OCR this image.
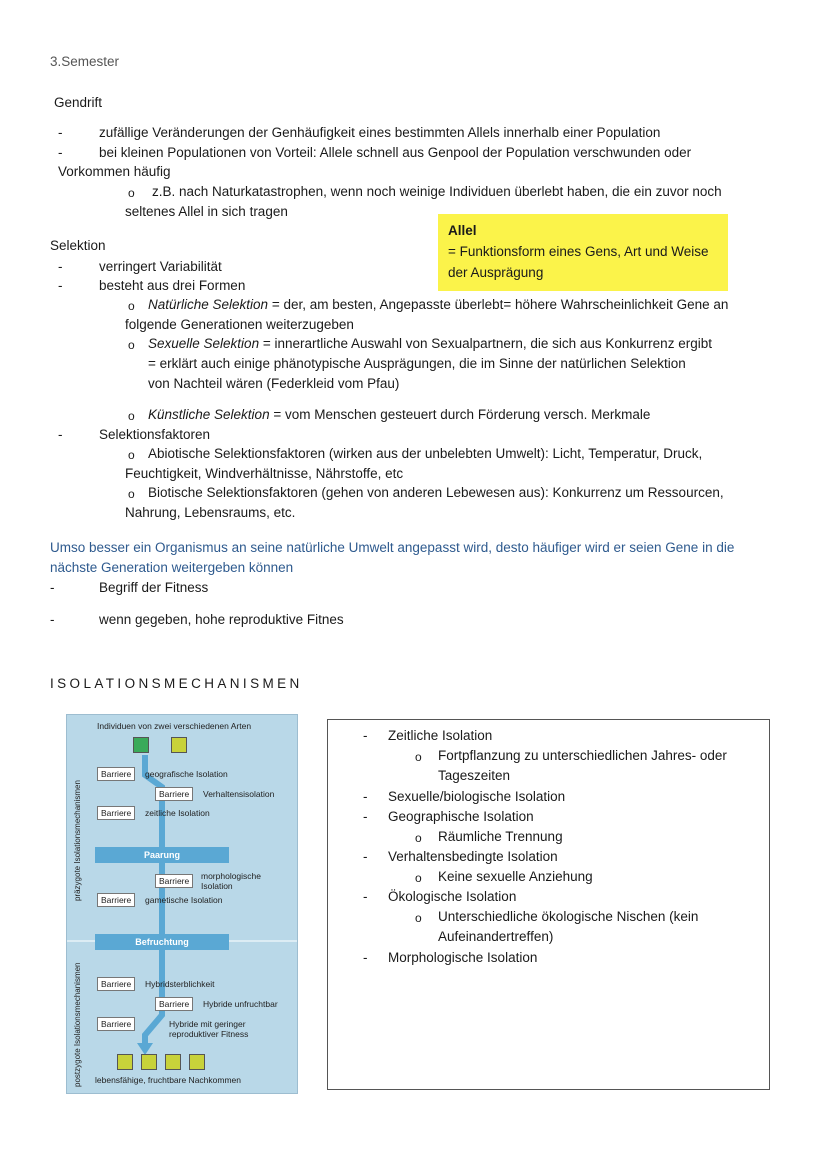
3.Semester
Gendrift
-	zufällige Veränderungen der Genhäufigkeit eines bestimmten Allels innerhalb einer Population
-	bei kleinen Populationen von Vorteil: Allele schnell aus Genpool der Population verschwunden oder
Vorkommen häufig
o z.B. nach Naturkatastrophen, wenn noch weinige Individuen überlebt haben, die ein zuvor noch
seltenes Allel in sich tragen
Allel
= Funktionsform eines Gens, Art und Weise
der Ausprägung
Selektion
-	verringert Variabilität
-	besteht aus drei Formen
o Natürliche Selektion = der, am besten, Angepasste überlebt= höhere Wahrscheinlichkeit Gene an
folgende Generationen weiterzugeben
o Sexuelle Selektion = innerartliche Auswahl von Sexualpartnern, die sich aus Konkurrenz ergibt
= erklärt auch einige phänotypische Ausprägungen, die im Sinne der natürlichen Selektion
von Nachteil wären (Federkleid vom Pfau)
o Künstliche Selektion = vom Menschen gesteuert durch Förderung versch. Merkmale
-	Selektionsfaktoren
o Abiotische Selektionsfaktoren (wirken aus der unbelebten Umwelt): Licht, Temperatur, Druck,
Feuchtigkeit, Windverhältnisse, Nährstoffe, etc
o Biotische Selektionsfaktoren (gehen von anderen Lebewesen aus): Konkurrenz um Ressourcen,
Nahrung, Lebensraums, etc.
Umso besser ein Organismus an seine natürliche Umwelt angepasst wird, desto häufiger wird er seien Gene in die
nächste Generation weitergeben können
-	Begriff der Fitness
-	wenn gegeben, hohe reproduktive Fitnes
ISOLATIONSMECHANISMEN
Individuen von zwei verschiedenen Arten
Barriere	geografische Isolation
Barriere	Verhaltensisolation
Barriere	zeitliche Isolation
Paarung
Barriere	morphologische
Isolation
Barriere	gametische Isolation
Befruchtung
Barriere	Hybridsterblichkeit
Barriere	Hybride unfruchtbar
Barriere	Hybride mit geringer
reproduktiver Fitness
lebensfähige, fruchtbare Nachkommen
präzygote Isolationsmechanismen
postzygote Isolationsmechanismen
- Zeitliche Isolation
o Fortpflanzung zu unterschiedlichen Jahres- oder
Tageszeiten
- Sexuelle/biologische Isolation
- Geographische Isolation
o Räumliche Trennung
- Verhaltensbedingte Isolation
o Keine sexuelle Anziehung
- Ökologische Isolation
o Unterschiedliche ökologische Nischen (kein
Aufeinandertreffen)
- Morphologische Isolation
